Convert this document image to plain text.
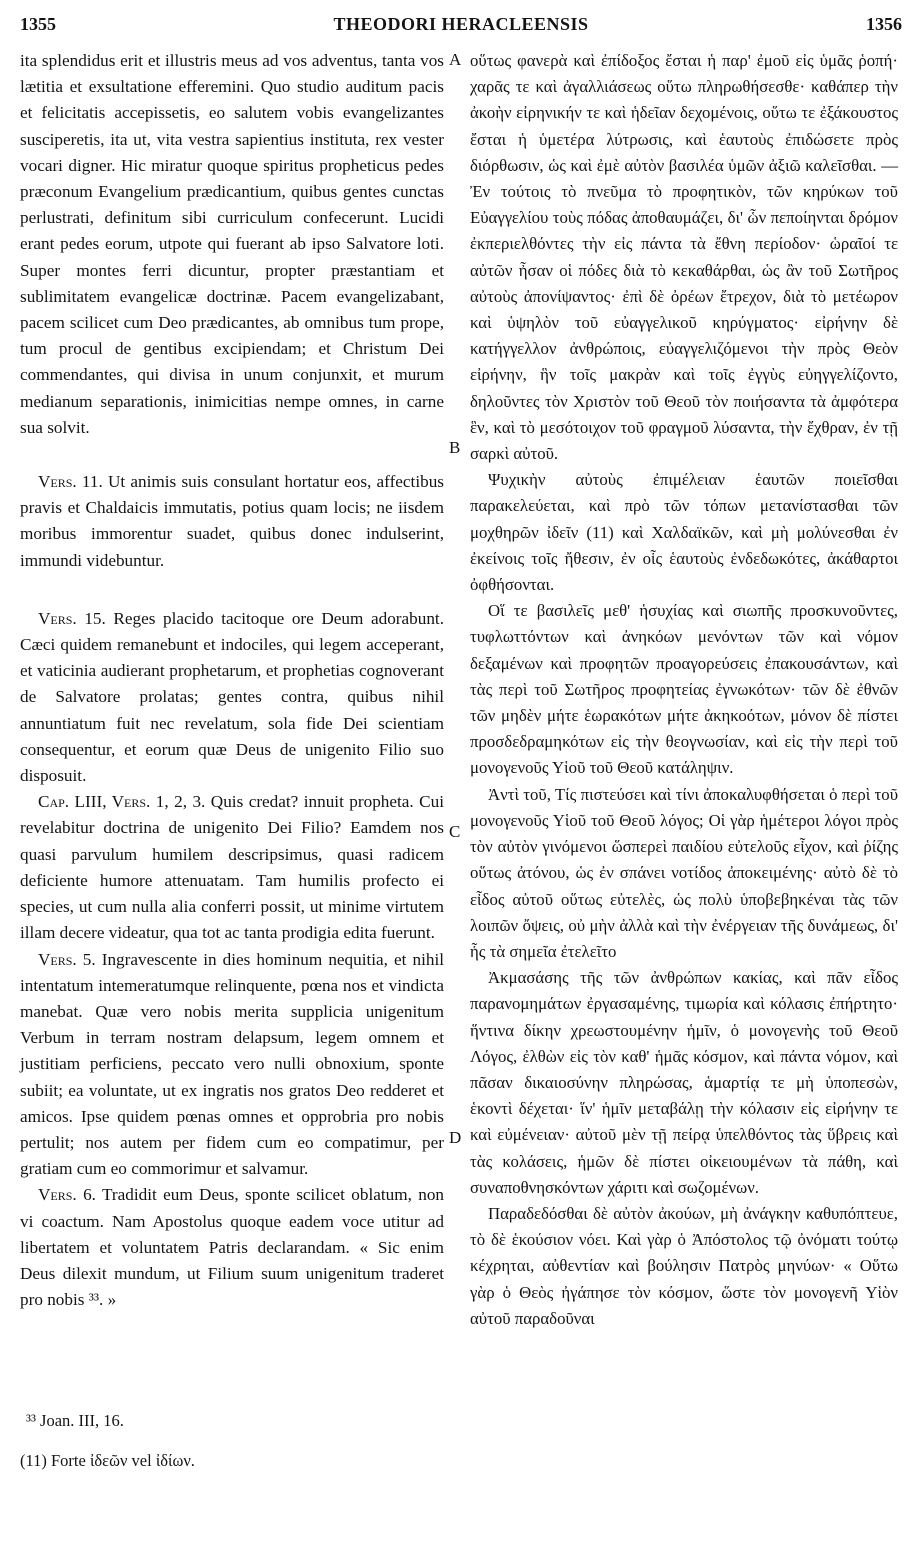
1355	THEODORI HERACLEENSIS	1356

ita splendidus erit et illustris meus ad vos adventus, tanta vos lætitia et exsultatione efferemini. Quo studio auditum pacis et felicitatis accepissetis, eo salutem vobis evangelizantes susciperetis, ita ut, vita vestra sapientius instituta, rex vester vocari digner. Hic miratur quoque spiritus propheticus pedes præconum Evangelium prædicantium, quibus gentes cunctas perlustrati, definitum sibi curriculum confecerunt. Lucidi erant pedes eorum, utpote qui fuerant ab ipso Salvatore loti. Super montes ferri dicuntur, propter præstantiam et sublimitatem evangelicæ doctrinæ. Pacem evangelizabant, pacem scilicet cum Deo prædicantes, ab omnibus tum prope, tum procul de gentibus excipiendam; et Christum Dei commendantes, qui divisa in unum conjunxit, et murum medianum separationis, inimicitias nempe omnes, in carne sua solvit.

Vers. 11. Ut animis suis consulant hortatur eos, affectibus pravis et Chaldaicis immutatis, potius quam locis; ne iisdem moribus immorentur suadet, quibus donec indulserint, immundi videbuntur.

Vers. 15. Reges placido tacitoque ore Deum adorabunt. Cæci quidem remanebunt et indociles, qui legem acceperant, et vaticinia audierant prophetarum, et prophetias cognoverant de Salvatore prolatas; gentes contra, quibus nihil annuntiatum fuit nec revelatum, sola fide Dei scientiam consequentur, et eorum quæ Deus de unigenito Filio suo disposuit.

Cap. LIII, Vers. 1, 2, 3. Quis credat? innuit propheta. Cui revelabitur doctrina de unigenito Dei Filio? Eamdem nos quasi parvulum humilem descripsimus, quasi radicem deficiente humore attenuatam. Tam humilis profecto ei species, ut cum nulla alia conferri possit, ut minime virtutem illam decere videatur, qua tot ac tanta prodigia edita fuerunt.

Vers. 5. Ingravescente in dies hominum nequitia, et nihil intentatum intemeratumque relinquente, pœna nos et vindicta manebat. Quæ vero nobis merita supplicia unigenitum Verbum in terram nostram delapsum, legem omnem et justitiam perficiens, peccato vero nulli obnoxium, sponte subiit; ea voluntate, ut ex ingratis nos gratos Deo redderet et amicos. Ipse quidem pœnas omnes et opprobria pro nobis pertulit; nos autem per fidem cum eo compatimur, per gratiam cum eo commorimur et salvamur.

Vers. 6. Tradidit eum Deus, sponte scilicet oblatum, non vi coactum. Nam Apostolus quoque eadem voce utitur ad libertatem et voluntatem Patris declarandam. « Sic enim Deus dilexit mundum, ut Filium suum unigenitum traderet pro nobis ³³. »

A
B
C
D

οὕτως φανερὰ καὶ ἐπίδοξος ἔσται ἡ παρ' ἐμοῦ εἰς ὑμᾶς ῥοπή· χαρᾶς τε καὶ ἀγαλλιάσεως οὕτω πληρωθήσεσθε· καθάπερ τὴν ἀκοὴν εἰρηνικήν τε καὶ ἡδεῖαν δεχομένοις, οὕτω τε ἐξάκουστος ἔσται ἡ ὑμετέρα λύτρωσις, καὶ ἑαυτοὺς ἐπιδώσετε πρὸς διόρθωσιν, ὡς καὶ ἐμὲ αὐτὸν βασιλέα ὑμῶν ἀξιῶ καλεῖσθαι. — Ἐν τούτοις τὸ πνεῦμα τὸ προφητικὸν, τῶν κηρύκων τοῦ Εὐαγγελίου τοὺς πόδας ἀποθαυμάζει, δι' ὧν πεποίηνται δρόμον ἐκπεριελθόντες τὴν εἰς πάντα τὰ ἔθνη περίοδον· ὡραῖοί τε αὐτῶν ἦσαν οἱ πόδες διὰ τὸ κεκαθάρθαι, ὡς ἂν τοῦ Σωτῆρος αὐτοὺς ἀπονίψαντος· ἐπὶ δὲ ὀρέων ἔτρεχον, διὰ τὸ μετέωρον καὶ ὑψηλὸν τοῦ εὐαγγελικοῦ κηρύγματος· εἰρήνην δὲ κατήγγελλον ἀνθρώποις, εὐαγγελιζόμενοι τὴν πρὸς Θεὸν εἰρήνην, ἣν τοῖς μακρὰν καὶ τοῖς ἐγγὺς εὐηγγελίζοντο, δηλοῦντες τὸν Χριστὸν τοῦ Θεοῦ τὸν ποιήσαντα τὰ ἀμφότερα ἓν, καὶ τὸ μεσότοιχον τοῦ φραγμοῦ λύσαντα, τὴν ἔχθραν, ἐν τῇ σαρκὶ αὐτοῦ.

Ψυχικὴν αὐτοὺς ἐπιμέλειαν ἑαυτῶν ποιεῖσθαι παρακελεύεται, καὶ πρὸ τῶν τόπων μετανίστασθαι τῶν μοχθηρῶν ἰδεῖν (11) καὶ Χαλδαϊκῶν, καὶ μὴ μολύνεσθαι ἐν ἐκείνοις τοῖς ἤθεσιν, ἐν οἷς ἑαυτοὺς ἐνδεδωκότες, ἀκάθαρτοι ὀφθήσονται.

Οἵ τε βασιλεῖς μεθ' ἡσυχίας καὶ σιωπῆς προσκυνοῦντες, τυφλωττόντων καὶ ἀνηκόων μενόντων τῶν καὶ νόμον δεξαμένων καὶ προφητῶν προαγορεύσεις ἐπακουσάντων, καὶ τὰς περὶ τοῦ Σωτῆρος προφητείας ἐγνωκότων· τῶν δὲ ἐθνῶν τῶν μηδὲν μήτε ἑωρακότων μήτε ἀκηκοότων, μόνον δὲ πίστει προσδεδραμηκότων εἰς τὴν θεογνωσίαν, καὶ εἰς τὴν περὶ τοῦ μονογενοῦς Υἱοῦ τοῦ Θεοῦ κατάληψιν.

Ἀντὶ τοῦ, Τίς πιστεύσει καὶ τίνι ἀποκαλυφθήσεται ὁ περὶ τοῦ μονογενοῦς Υἱοῦ τοῦ Θεοῦ λόγος; Οἱ γὰρ ἡμέτεροι λόγοι πρὸς τὸν αὐτὸν γινόμενοι ὥσπερεὶ παιδίου εὐτελοῦς εἶχον, καὶ ῥίζης οὕτως ἀτόνου, ὡς ἐν σπάνει νοτίδος ἀποκειμένης· αὐτὸ δὲ τὸ εἶδος αὐτοῦ οὕτως εὐτελὲς, ὡς πολὺ ὑποβεβηκέναι τὰς τῶν λοιπῶν ὄψεις, οὐ μὴν ἀλλὰ καὶ τὴν ἐνέργειαν τῆς δυνάμεως, δι' ἧς τὰ σημεῖα ἐτελεῖτο

Ἀκμασάσης τῆς τῶν ἀνθρώπων κακίας, καὶ πᾶν εἶδος παρανομημάτων ἐργασαμένης, τιμωρία καὶ κόλασις ἐπήρτητο· ἥντινα δίκην χρεωστουμένην ἡμῖν, ὁ μονογενὴς τοῦ Θεοῦ Λόγος, ἐλθὼν εἰς τὸν καθ' ἡμᾶς κόσμον, καὶ πάντα νόμον, καὶ πᾶσαν δικαιοσύνην πληρώσας, ἁμαρτίᾳ τε μὴ ὑποπεσὼν, ἑκοντὶ δέχεται· ἵν' ἡμῖν μεταβάλῃ τὴν κόλασιν εἰς εἰρήνην τε καὶ εὐμένειαν· αὐτοῦ μὲν τῇ πείρᾳ ὑπελθόντος τὰς ὕβρεις καὶ τὰς κολάσεις, ἡμῶν δὲ πίστει οἰκειουμένων τὰ πάθη, καὶ συναποθνησκόντων χάριτι καὶ σωζομένων.

Παραδεδόσθαι δὲ αὐτὸν ἀκούων, μὴ ἀνάγκην καθυπόπτευε, τὸ δὲ ἑκούσιον νόει. Καὶ γὰρ ὁ Ἀπόστολος τῷ ὀνόματι τούτῳ κέχρηται, αὐθεντίαν καὶ βούλησιν Πατρὸς μηνύων· « Οὕτω γὰρ ὁ Θεὸς ἠγάπησε τὸν κόσμον, ὥστε τὸν μονογενῆ Υἱὸν αὐτοῦ παραδοῦναι

³³ Joan. III, 16.

(11) Forte ἰδεῶν vel ἰδίων.
